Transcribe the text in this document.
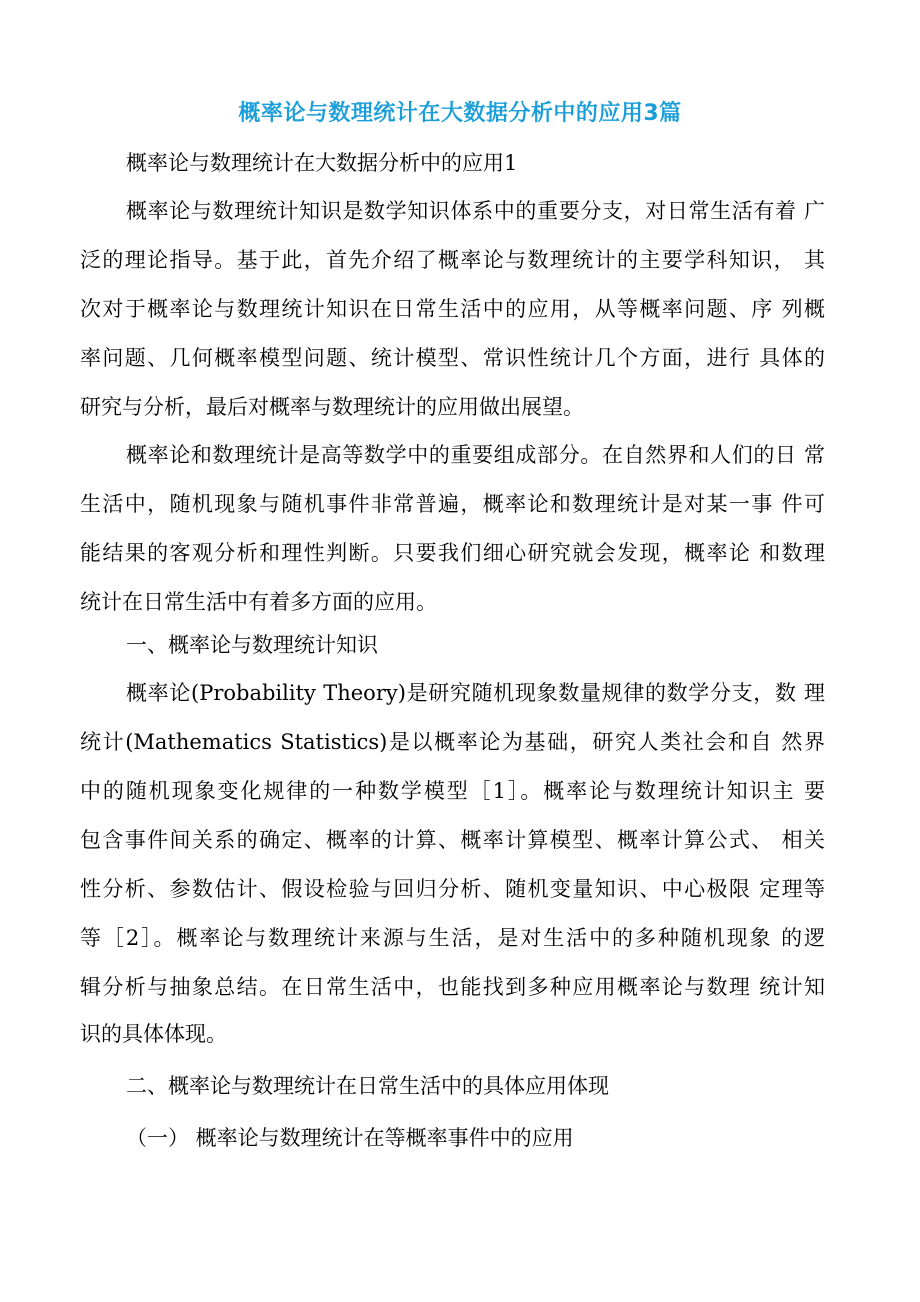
概率论与数理统计在大数据分析中的应用3篇
概率论与数理统计在大数据分析中的应用1
概率论与数理统计知识是数学知识体系中的重要分支，对日常生活有着 广
泛的理论指导。基于此，首先介绍了概率论与数理统计的主要学科知识， 其
次对于概率论与数理统计知识在日常生活中的应用，从等概率问题、序 列概
率问题、几何概率模型问题、统计模型、常识性统计几个方面，进行 具体的
研究与分析，最后对概率与数理统计的应用做出展望。
概率论和数理统计是高等数学中的重要组成部分。在自然界和人们的日 常
生活中，随机现象与随机事件非常普遍，概率论和数理统计是对某一事 件可
能结果的客观分析和理性判断。只要我们细心研究就会发现，概率论 和数理
统计在日常生活中有着多方面的应用。
一、概率论与数理统计知识
概率论(Probability Theory)是研究随机现象数量规律的数学分支，数 理
统计(Mathematics Statistics)是以概率论为基础，研究人类社会和自 然界
中的随机现象变化规律的一种数学模型［1］。概率论与数理统计知识主 要
包含事件间关系的确定、概率的计算、概率计算模型、概率计算公式、 相关
性分析、参数估计、假设检验与回归分析、随机变量知识、中心极限 定理等
等［2］。概率论与数理统计来源与生活，是对生活中的多种随机现象 的逻
辑分析与抽象总结。在日常生活中，也能找到多种应用概率论与数理 统计知
识的具体体现。
二、概率论与数理统计在日常生活中的具体应用体现
（一） 概率论与数理统计在等概率事件中的应用
